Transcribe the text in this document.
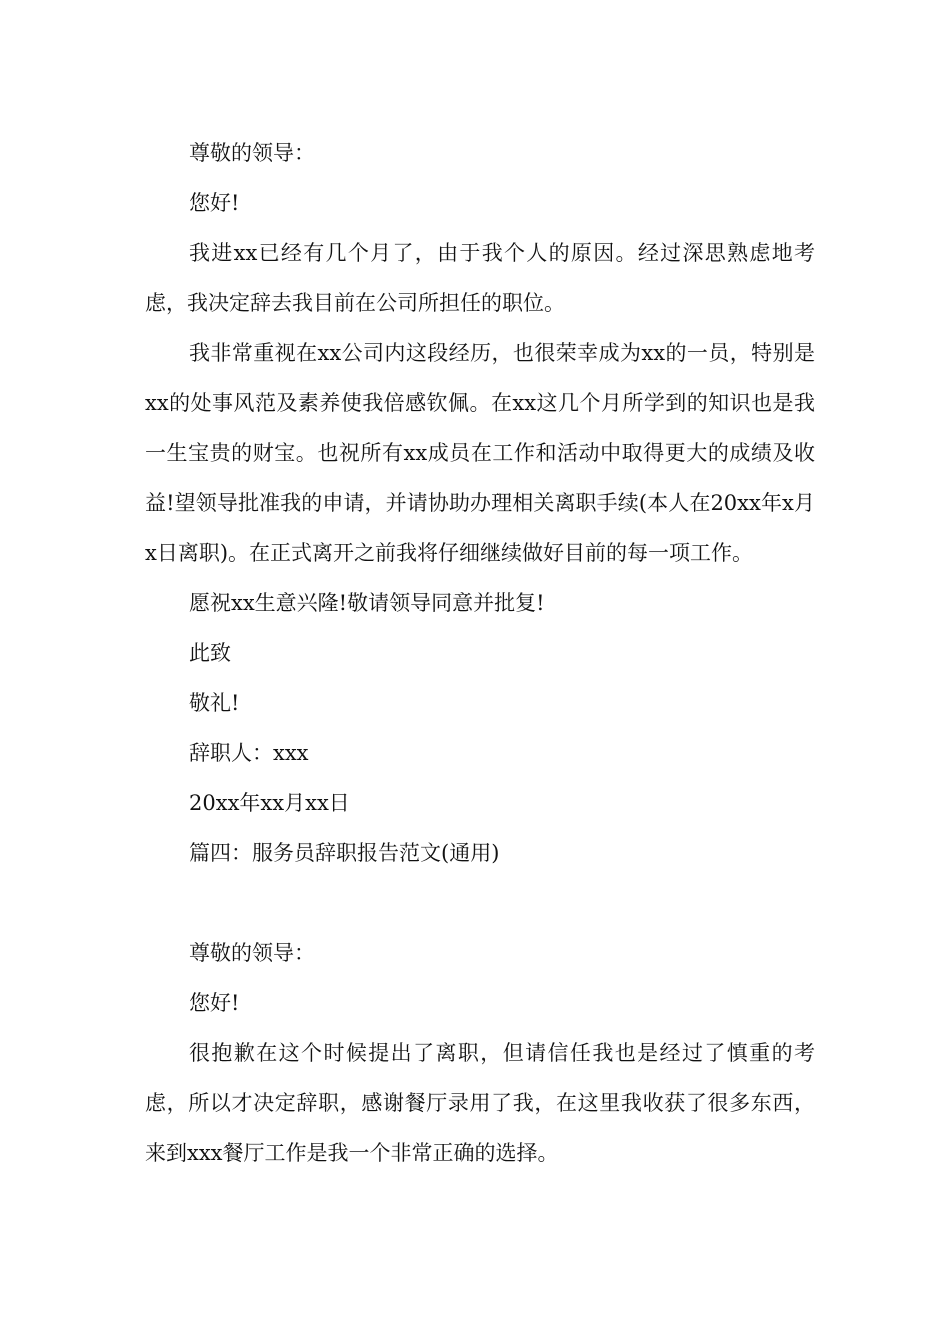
尊敬的领导：

您好!

我进xx已经有几个月了，由于我个人的原因。经过深思熟虑地考虑，我决定辞去我目前在公司所担任的职位。

我非常重视在xx公司内这段经历，也很荣幸成为xx的一员，特别是xx的处事风范及素养使我倍感钦佩。在xx这几个月所学到的知识也是我一生宝贵的财宝。也祝所有xx成员在工作和活动中取得更大的成绩及收益!望领导批准我的申请，并请协助办理相关离职手续(本人在20xx年x月x日离职)。在正式离开之前我将仔细继续做好目前的每一项工作。

愿祝xx生意兴隆!敬请领导同意并批复!

此致

敬礼!

辞职人：xxx

20xx年xx月xx日

篇四：服务员辞职报告范文(通用)

尊敬的领导：

您好!

很抱歉在这个时候提出了离职，但请信任我也是经过了慎重的考虑，所以才决定辞职，感谢餐厅录用了我，在这里我收获了很多东西，来到xxx餐厅工作是我一个非常正确的选择。
